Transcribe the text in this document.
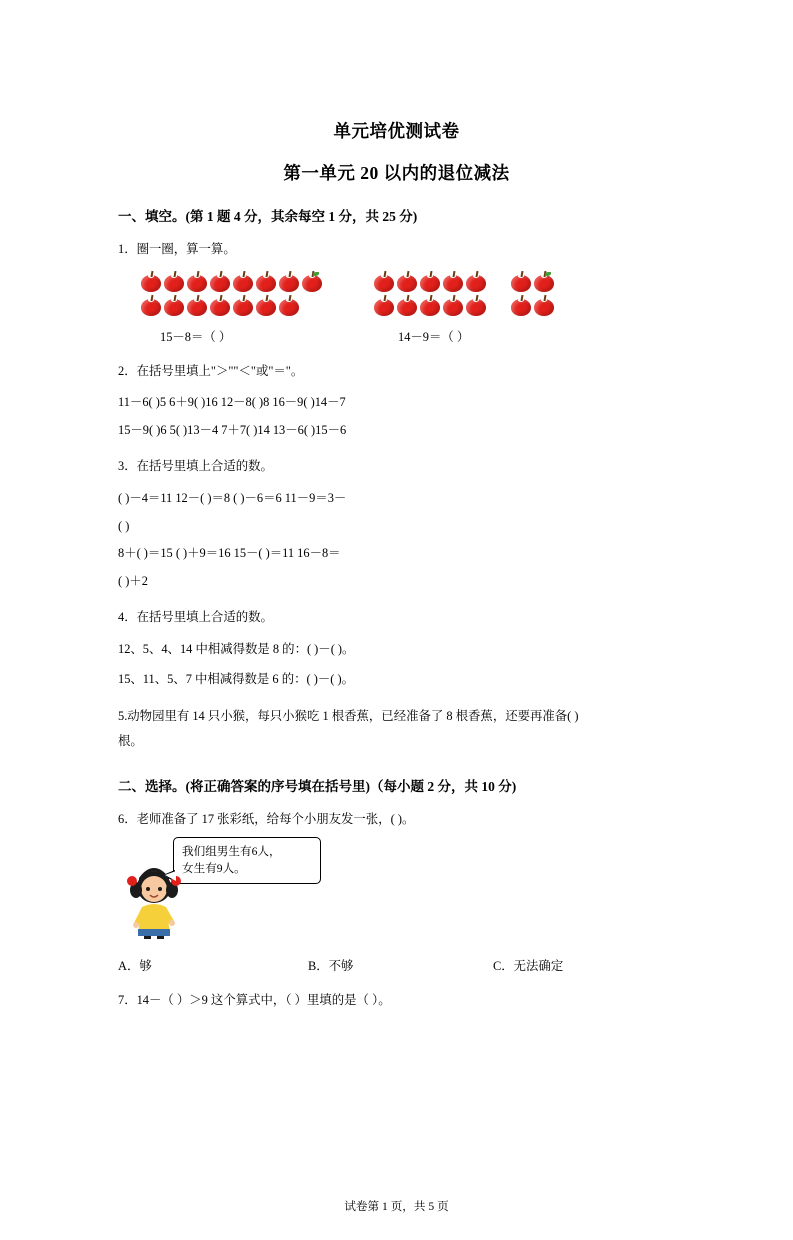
单元培优测试卷
第一单元 20 以内的退位减法
一、填空。(第 1 题 4 分，其余每空 1 分，共 25 分)
1．圈一圈，算一算。
15－8＝（ ）	14－9＝（ ）
2．在括号里填上"＞""＜"或"＝"。
11－6( )5 6＋9( )16 12－8( )8 16－9( )14－7
15－9( )6 5( )13－4 7＋7( )14 13－6( )15－6
3．在括号里填上合适的数。
( )－4＝11 12－( )＝8 ( )－6＝6 11－9＝3－
( )
8＋( )＝15 ( )＋9＝16 15－( )＝11 16－8＝
( )＋2
4．在括号里填上合适的数。
12、5、4、14 中相减得数是 8 的：( )－( )。
15、11、5、7 中相减得数是 6 的：( )－( )。
5.动物园里有 14 只小猴，每只小猴吃 1 根香蕉，已经准备了 8 根香蕉，还要再准备( )
根。
二、选择。(将正确答案的序号填在括号里)（每小题 2 分，共 10 分)
6．老师准备了 17 张彩纸，给每个小朋友发一张，( )。
我们组男生有6人，
女生有9人。
A．够	B．不够	C．无法确定
7．14－（ ）＞9 这个算式中，（ ）里填的是（ ）。
试卷第 1 页，共 5 页
